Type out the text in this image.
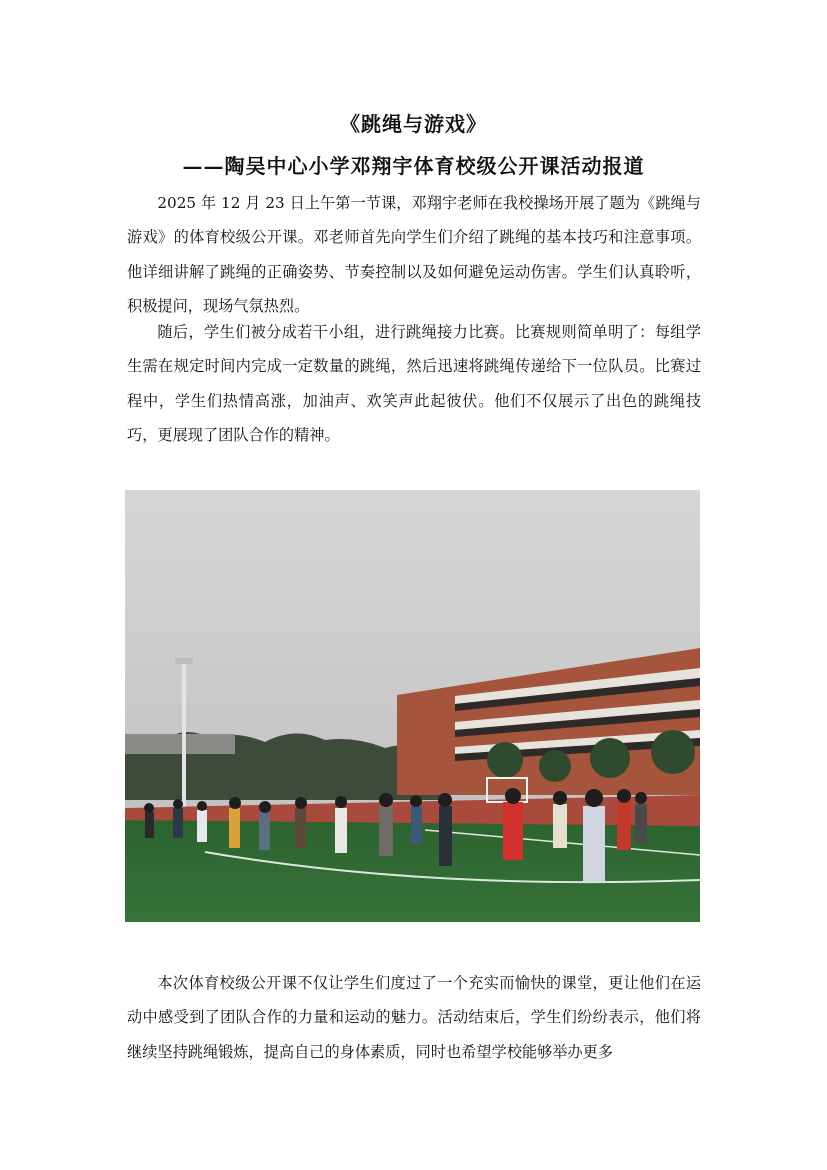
《跳绳与游戏》
——陶吴中心小学邓翔宇体育校级公开课活动报道

2025 年 12 月 23 日上午第一节课，邓翔宇老师在我校操场开展了题为《跳绳与游戏》的体育校级公开课。邓老师首先向学生们介绍了跳绳的基本技巧和注意事项。他详细讲解了跳绳的正确姿势、节奏控制以及如何避免运动伤害。学生们认真聆听，积极提问，现场气氛热烈。

随后，学生们被分成若干小组，进行跳绳接力比赛。比赛规则简单明了：每组学生需在规定时间内完成一定数量的跳绳，然后迅速将跳绳传递给下一位队员。比赛过程中，学生们热情高涨，加油声、欢笑声此起彼伏。他们不仅展示了出色的跳绳技巧，更展现了团队合作的精神。

本次体育校级公开课不仅让学生们度过了一个充实而愉快的课堂，更让他们在运动中感受到了团队合作的力量和运动的魅力。活动结束后，学生们纷纷表示，他们将继续坚持跳绳锻炼，提高自己的身体素质，同时也希望学校能够举办更多
